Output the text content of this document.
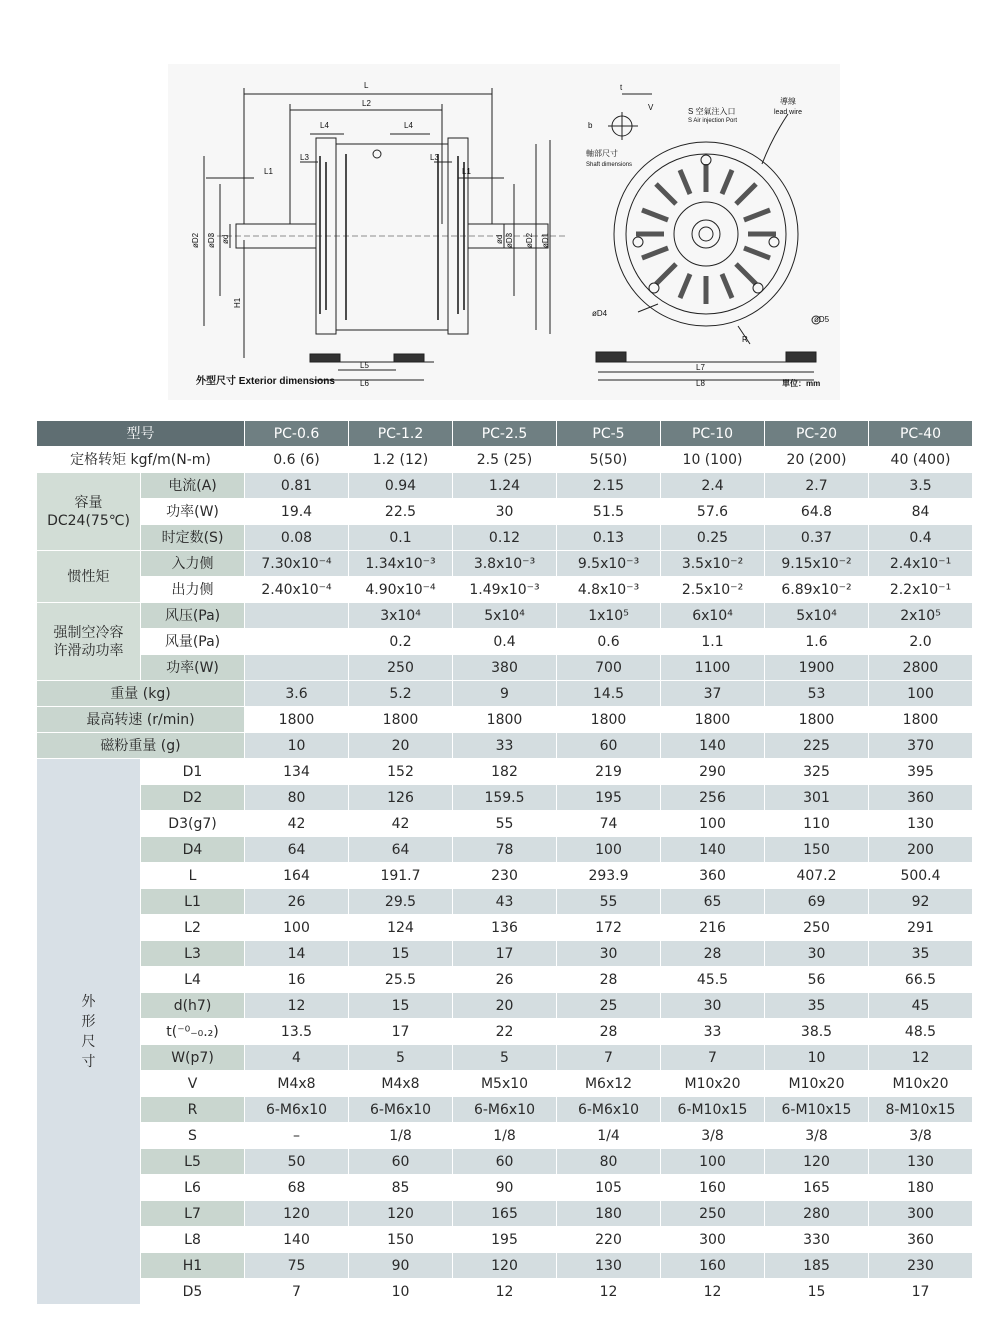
L
L2
L4	L4
L3	L3
L1	L1
øD2 øD3 ød	ød øD3 øD2 øD1
H1
L5
L6
t
V
b
軸部尺寸
Shaft dimensions
S 空氣注入口
S Air injection Port
導線
lead wire
øD4
R
øD5
L7
L8	單位：mm
外型尺寸 Exterior dimensions
型号		PC-0.6	PC-1.2	PC-2.5	PC-5	PC-10	PC-20	PC-40
定格转矩 kgf/m(N-m)		0.6 (6)	1.2 (12)	2.5 (25)	5(50)	10 (100)	20 (200)	40 (400)

容量
DC24(75℃)	电流(A)	0.81	0.94	1.24	2.15	2.4	2.7	3.5
	功率(W)	19.4	22.5	30	51.5	57.6	64.8	84
	时定数(S)	0.08	0.1	0.12	0.13	0.25	0.37	0.4
惯性矩	入力侧	7.30x10⁻⁴	1.34x10⁻³	3.8x10⁻³	9.5x10⁻³	3.5x10⁻²	9.15x10⁻²	2.4x10⁻¹
	出力侧	2.40x10⁻⁴	4.90x10⁻⁴	1.49x10⁻³	4.8x10⁻³	2.5x10⁻²	6.89x10⁻²	2.2x10⁻¹

强制空冷容
许滑动功率	风压(Pa)		3x10⁴	5x10⁴	1x10⁵	6x10⁴	5x10⁴	2x10⁵
	风量(Pa)		0.2	0.4	0.6	1.1	1.6	2.0
	功率(W)		250	380	700	1100	1900	2800
重量 (kg)		3.6	5.2	9	14.5	37	53	100
最高转速 (r/min)		1800	1800	1800	1800	1800	1800	1800
磁粉重量 (g)		10	20	33	60	140	225	370

外
形
尺
寸	D1	134	152	182	219	290	325	395
	D2	80	126	159.5	195	256	301	360
	D3(g7)	42	42	55	74	100	110	130
	D4	64	64	78	100	140	150	200
	L	164	191.7	230	293.9	360	407.2	500.4
	L1	26	29.5	43	55	65	69	92
	L2	100	124	136	172	216	250	291
	L3	14	15	17	30	28	30	35
	L4	16	25.5	26	28	45.5	56	66.5
	d(h7)	12	15	20	25	30	35	45
	t(⁻⁰₋₀.₂)	13.5	17	22	28	33	38.5	48.5
	W(p7)	4	5	5	7	7	10	12
	V	M4x8	M4x8	M5x10	M6x12	M10x20	M10x20	M10x20
	R	6-M6x10	6-M6x10	6-M6x10	6-M6x10	6-M10x15	6-M10x15	8-M10x15
	S	–	1/8	1/8	1/4	3/8	3/8	3/8
	L5	50	60	60	80	100	120	130
	L6	68	85	90	105	160	165	180
	L7	120	120	165	180	250	280	300
	L8	140	150	195	220	300	330	360
	H1	75	90	120	130	160	185	230
	D5	7	10	12	12	12	15	17
